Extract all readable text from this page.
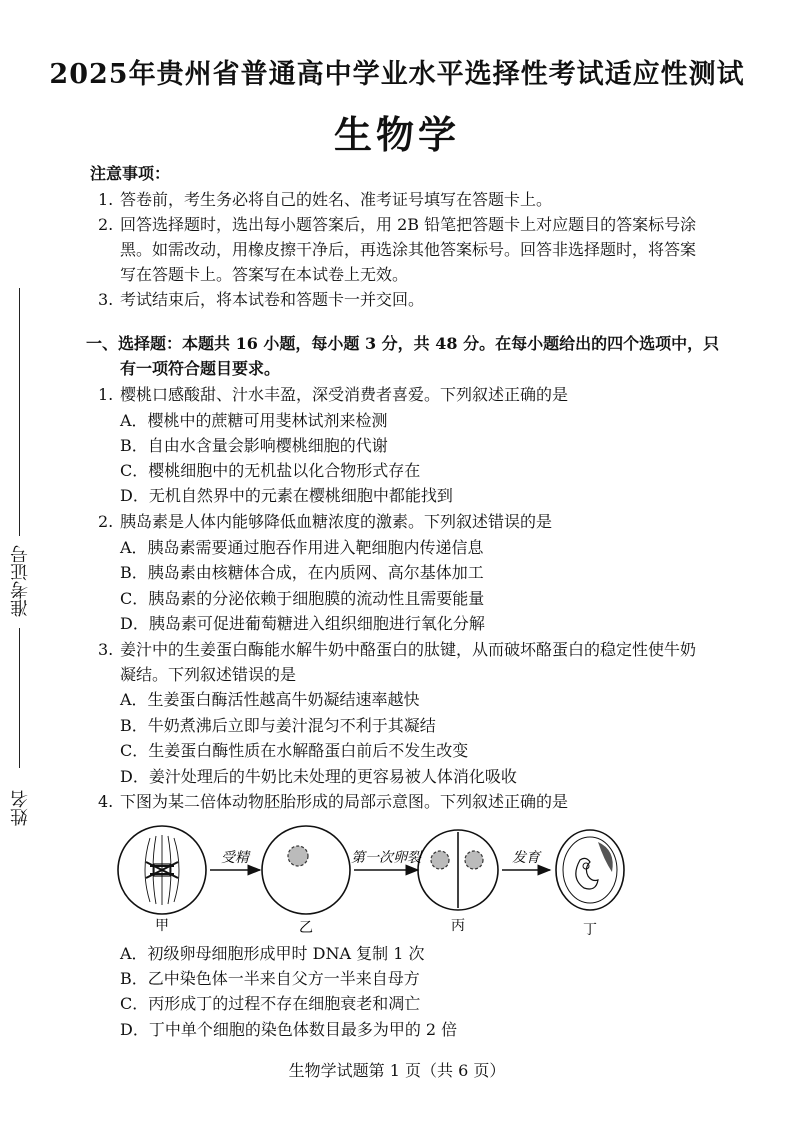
准考证号
姓名
2025年贵州省普通高中学业水平选择性考试适应性测试
生物学
注意事项：
1. 答卷前，考生务必将自己的姓名、准考证号填写在答题卡上。
2. 回答选择题时，选出每小题答案后，用 2B 铅笔把答题卡上对应题目的答案标号涂
黑。如需改动，用橡皮擦干净后，再选涂其他答案标号。回答非选择题时，将答案
写在答题卡上。答案写在本试卷上无效。
3. 考试结束后，将本试卷和答题卡一并交回。
一、选择题：本题共 16 小题，每小题 3 分，共 48 分。在每小题给出的四个选项中，只
有一项符合题目要求。
1. 樱桃口感酸甜、汁水丰盈，深受消费者喜爱。下列叙述正确的是
A．樱桃中的蔗糖可用斐林试剂来检测
B．自由水含量会影响樱桃细胞的代谢
C．樱桃细胞中的无机盐以化合物形式存在
D．无机自然界中的元素在樱桃细胞中都能找到
2. 胰岛素是人体内能够降低血糖浓度的激素。下列叙述错误的是
A．胰岛素需要通过胞吞作用进入靶细胞内传递信息
B．胰岛素由核糖体合成，在内质网、高尔基体加工
C．胰岛素的分泌依赖于细胞膜的流动性且需要能量
D．胰岛素可促进葡萄糖进入组织细胞进行氧化分解
3. 姜汁中的生姜蛋白酶能水解牛奶中酪蛋白的肽键，从而破坏酪蛋白的稳定性使牛奶
凝结。下列叙述错误的是
A．生姜蛋白酶活性越高牛奶凝结速率越快
B．牛奶煮沸后立即与姜汁混匀不利于其凝结
C．生姜蛋白酶性质在水解酪蛋白前后不发生改变
D．姜汁处理后的牛奶比未处理的更容易被人体消化吸收
4. 下图为某二倍体动物胚胎形成的局部示意图。下列叙述正确的是
甲	乙	丙	丁
受精	第一次卵裂	发育
A．初级卵母细胞形成甲时 DNA 复制 1 次
B．乙中染色体一半来自父方一半来自母方
C．丙形成丁的过程不存在细胞衰老和凋亡
D．丁中单个细胞的染色体数目最多为甲的 2 倍
生物学试题第 1 页（共 6 页）
